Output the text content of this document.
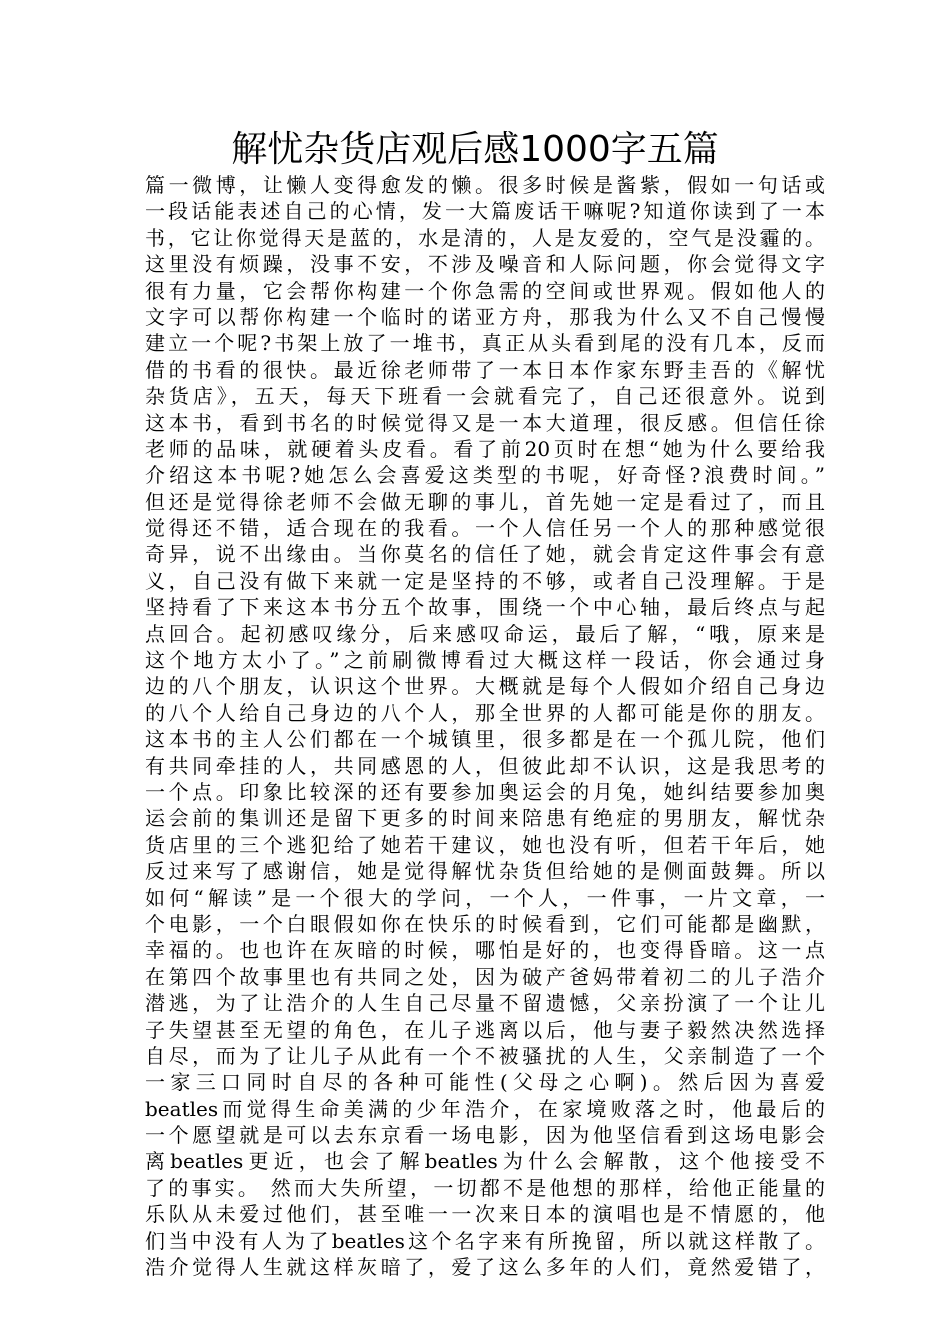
解忧杂货店观后感1000字五篇
篇一微博，让懒人变得愈发的懒。很多时候是酱紫，假如一句话或
一段话能表述自己的心情，发一大篇废话干嘛呢?知道你读到了一本
书，它让你觉得天是蓝的，水是清的，人是友爱的，空气是没霾的。
这里没有烦躁，没事不安，不涉及噪音和人际问题，你会觉得文字
很有力量，它会帮你构建一个你急需的空间或世界观。假如他人的
文字可以帮你构建一个临时的诺亚方舟，那我为什么又不自己慢慢
建立一个呢?书架上放了一堆书，真正从头看到尾的没有几本，反而
借的书看的很快。最近徐老师带了一本日本作家东野圭吾的《解忧
杂货店》，五天，每天下班看一会就看完了，自己还很意外。说到
这本书，看到书名的时候觉得又是一本大道理，很反感。但信任徐
老师的品味，就硬着头皮看。看了前20页时在想“她为什么要给我
介绍这本书呢?她怎么会喜爱这类型的书呢，好奇怪?浪费时间。”
但还是觉得徐老师不会做无聊的事儿，首先她一定是看过了，而且
觉得还不错，适合现在的我看。一个人信任另一个人的那种感觉很
奇异，说不出缘由。当你莫名的信任了她，就会肯定这件事会有意
义，自己没有做下来就一定是坚持的不够，或者自己没理解。于是
坚持看了下来这本书分五个故事，围绕一个中心轴，最后终点与起
点回合。起初感叹缘分，后来感叹命运，最后了解，“哦，原来是
这个地方太小了。”之前刷微博看过大概这样一段话，你会通过身
边的八个朋友，认识这个世界。大概就是每个人假如介绍自己身边
的八个人给自己身边的八个人，那全世界的人都可能是你的朋友。
这本书的主人公们都在一个城镇里，很多都是在一个孤儿院，他们
有共同牵挂的人，共同感恩的人，但彼此却不认识，这是我思考的
一个点。印象比较深的还有要参加奥运会的月兔，她纠结要参加奥
运会前的集训还是留下更多的时间来陪患有绝症的男朋友，解忧杂
货店里的三个逃犯给了她若干建议，她也没有听，但若干年后，她
反过来写了感谢信，她是觉得解忧杂货但给她的是侧面鼓舞。所以
如何“解读”是一个很大的学问，一个人，一件事，一片文章，一
个电影，一个白眼假如你在快乐的时候看到，它们可能都是幽默，
幸福的。也也许在灰暗的时候，哪怕是好的，也变得昏暗。这一点
在第四个故事里也有共同之处，因为破产爸妈带着初二的儿子浩介
潜逃，为了让浩介的人生自己尽量不留遗憾，父亲扮演了一个让儿
子失望甚至无望的角色，在儿子逃离以后，他与妻子毅然决然选择
自尽，而为了让儿子从此有一个不被骚扰的人生，父亲制造了一个
一家三口同时自尽的各种可能性(父母之心啊)。然后因为喜爱
beatles而觉得生命美满的少年浩介，在家境败落之时，他最后的
一个愿望就是可以去东京看一场电影，因为他坚信看到这场电影会
离beatles更近，也会了解beatles为什么会解散，这个他接受不
了的事实。 然而大失所望，一切都不是他想的那样，给他正能量的
乐队从未爱过他们，甚至唯一一次来日本的演唱也是不情愿的，他
们当中没有人为了beatles这个名字来有所挽留，所以就这样散了。
浩介觉得人生就这样灰暗了，爱了这么多年的人们，竟然爱错了，
